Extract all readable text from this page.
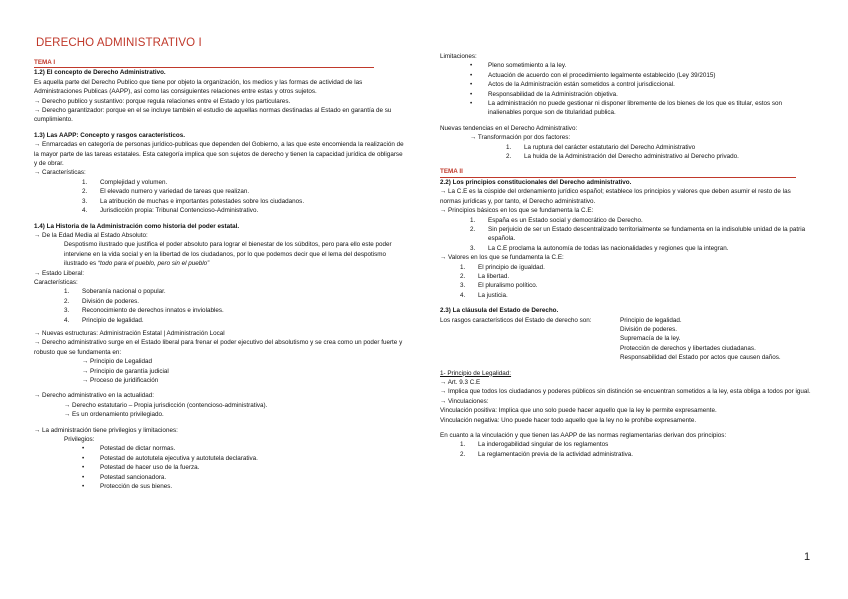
DERECHO ADMINISTRATIVO I
TEMA I
1.2) El concepto de Derecho Administrativo.
Es aquella parte del Derecho Publico que tiene por objeto la organización, los medios y las formas de actividad de las Administraciones Publicas (AAPP), así como las consiguientes relaciones entre estas y otros sujetos.
→ Derecho publico y sustantivo: porque regula relaciones entre el Estado y los particulares.
→ Derecho garantizador: porque en el se incluye también el estudio de aquellas normas destinadas al Estado en garantía de su cumplimiento.
1.3) Las AAPP: Concepto y rasgos característicos.
→ Enmarcadas en categoría de personas jurídico-publicas que dependen del Gobierno, a las que este encomienda la realización de la mayor parte de las tareas estatales. Esta categoría implica que son sujetos de derecho y tienen la capacidad jurídica de obligarse y de obrar.
→ Características:
1.	Complejidad y volumen.
2.	El elevado numero y variedad de tareas que realizan.
3.	La atribución de muchas e importantes potestades sobre los ciudadanos.
4.	Jurisdicción propia: Tribunal Contencioso-Administrativo.
1.4) La Historia de la Administración como historia del poder estatal.
→ De la Edad Media al Estado Absoluto:
Despotismo ilustrado que justifica el poder absoluto para lograr el bienestar de los súbditos, pero para ello este poder interviene en la vida social y en la libertad de los ciudadanos, por lo que podemos decir que el lema del despotismo ilustrado es “todo para el pueblo, pero sin el pueblo”
→ Estado Liberal:
Características:
1.	Soberanía nacional o popular.
2.	División de poderes.
3.	Reconocimiento de derechos innatos e inviolables.
4.	Principio de legalidad.
→ Nuevas estructuras: Administración Estatal | Administración Local
→ Derecho administrativo surge en el Estado liberal para frenar el poder ejecutivo del absolutismo y se crea como un poder fuerte y robusto que se fundamenta en:
→ Principio de Legalidad
→ Principio de garantía judicial
→ Proceso de juridificación
→ Derecho administrativo en la actualidad:
→ Derecho estatutario – Propia jurisdicción (contencioso-administrativa).
→ Es un ordenamiento privilegiado.
→ La administración tiene privilegios y limitaciones:
Privilegios:
•	Potestad de dictar normas.
•	Potestad de autotutela ejecutiva y autotutela declarativa.
•	Potestad de hacer uso de la fuerza.
•	Potestad sancionadora.
•	Protección de sus bienes.
Limitaciones:
•	Pleno sometimiento a la ley.
•	Actuación de acuerdo con el procedimiento legalmente establecido (Ley 39/2015)
•	Actos de la Administración están sometidos a control jurisdiccional.
•	Responsabilidad de la Administración objetiva.
•	La administración no puede gestionar ni disponer libremente de los bienes de los que es titular, estos son inalienables porque son de titularidad publica.
Nuevas tendencias en el Derecho Administrativo:
→ Transformación por dos factores:
1.	La ruptura del carácter estatutario del Derecho Administrativo
2.	La huida de la Administración del Derecho administrativo al Derecho privado.
TEMA II
2.2) Los principios constitucionales del Derecho administrativo.
→ La C.E es la cúspide del ordenamiento jurídico español; establece los principios y valores que deben asumir el resto de las normas jurídicas y, por tanto, el Derecho administrativo.
→ Principios básicos en los que se fundamenta la C.E:
1.	España es un Estado social y democrático de Derecho.
2.	Sin perjuicio de ser un Estado descentralizado territorialmente se fundamenta en la indisoluble unidad de la patria española.
3.	La C.E proclama la autonomía de todas las nacionalidades y regiones que la integran.
→ Valores en los que se fundamenta la C.E:
1.	El principio de igualdad.
2.	La libertad.
3.	El pluralismo político.
4.	La justicia.
2.3) La cláusula del Estado de Derecho.
Los rasgos característicos del Estado de derecho son:	Principio de legalidad.
División de poderes.
Supremacía de la ley.
Protección de derechos y libertades ciudadanas.
Responsabilidad del Estado por actos que causen daños.
1- Principio de Legalidad:
→ Art. 9.3 C.E
→ Implica que todos los ciudadanos y poderes públicos sin distinción se encuentran sometidos a la ley, esta obliga a todos por igual.
→ Vinculaciones:
Vinculación positiva: Implica que uno solo puede hacer aquello que la ley le permite expresamente.
Vinculación negativa: Uno puede hacer todo aquello que la ley no le prohíbe expresamente.
En cuanto a la vinculación y que tienen las AAPP de las normas reglamentarias derivan dos principios:
1.	La inderogabilidad singular de los reglamentos
2.	La reglamentación previa de la actividad administrativa.
1
